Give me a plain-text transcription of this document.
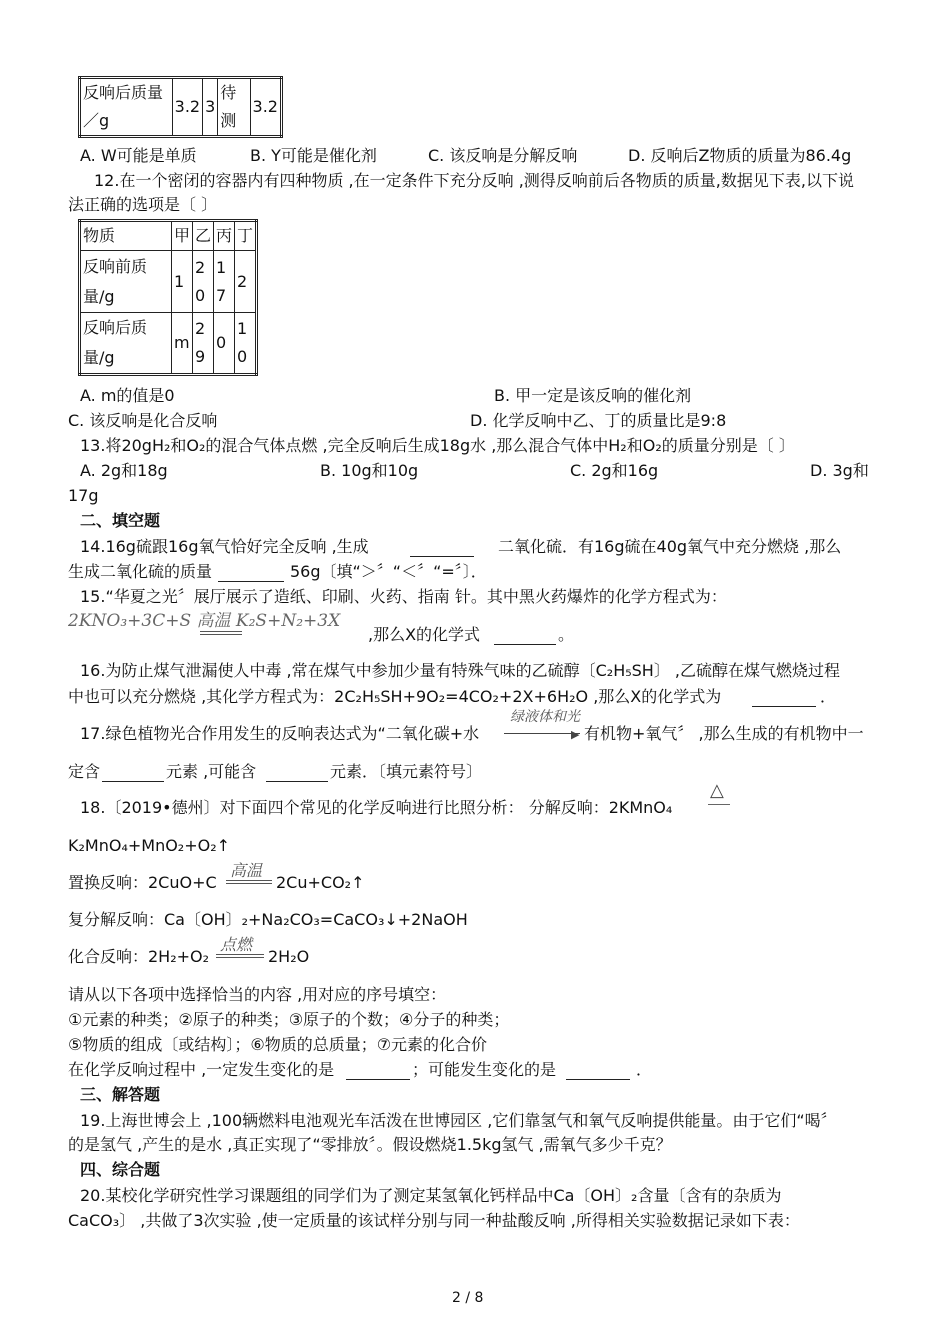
反响后质量／g	3.2	3	待测	3.2
A. W可能是单质	B. Y可能是催化剂	C. 该反响是分解反响	D. 反响后Z物质的质量为86.4g
12.在一个密闭的容器内有四种物质 ,在一定条件下充分反响 ,测得反响前后各物质的质量,数据见下表,以下说
法正确的选项是〔 〕
物质	甲	乙	丙	丁
反响前质量/g	1	20	17	2
反响后质量/g	m	29	0	10
A. m的值是0	B. 甲一定是该反响的催化剂
C. 该反响是化合反响	D. 化学反响中乙、丁的质量比是9:8
13.将20gH₂和O₂的混合气体点燃 ,完全反响后生成18g水 ,那么混合气体中H₂和O₂的质量分别是〔 〕
A. 2g和18g	B. 10g和10g	C. 2g和16g	D. 3g和
17g
二、填空题
14.16g硫跟16g氧气恰好完全反响 ,生成	二氧化硫．有16g硫在40g氧气中充分燃烧 ,那么
生成二氧化硫的质量	56g〔填“＞〞“＜〞“=〞〕．
15.“华夏之光〞展厅展示了造纸、印刷、火药、指南 针。其中黑火药爆炸的化学方程式为：
2KNO₃+3C+S 高温 K₂S+N₂+3X
,那么X的化学式	。
16.为防止煤气泄漏使人中毒 ,常在煤气中参加少量有特殊气味的乙硫醇〔C₂H₅SH〕 ,乙硫醇在煤气燃烧过程
中也可以充分燃烧 ,其化学方程式为：2C₂H₅SH+9O₂=4CO₂+2X+6H₂O ,那么X的化学式为	．
17.绿色植物光合作用发生的反响表达式为“二氧化碳+水
绿液体和光
▶ 有机物+氧气〞 ,那么生成的有机物中一
定含	元素 ,可能含	元素．〔填元素符号〕
18.〔2019•德州〕对下面四个常见的化学反响进行比照分析： 分解反响：2KMnO₄
△
K₂MnO₄+MnO₂+O₂↑
置换反响：2CuO+C
高温
2Cu+CO₂↑
复分解反响：Ca〔OH〕₂+Na₂CO₃=CaCO₃↓+2NaOH
化合反响：2H₂+O₂
点燃
2H₂O
请从以下各项中选择恰当的内容 ,用对应的序号填空：
①元素的种类；②原子的种类；③原子的个数；④分子的种类；
⑤物质的组成〔或结构〕；⑥物质的总质量；⑦元素的化合价
在化学反响过程中 ,一定发生变化的是	；可能发生变化的是	．
三、解答题
19.上海世博会上 ,100辆燃料电池观光车活泼在世博园区 ,它们靠氢气和氧气反响提供能量。由于它们“喝〞
的是氢气 ,产生的是水 ,真正实现了“零排放〞。假设燃烧1.5kg氢气 ,需氧气多少千克？
四、综合题
20.某校化学研究性学习课题组的同学们为了测定某氢氧化钙样品中Ca〔OH〕₂含量〔含有的杂质为
CaCO₃〕 ,共做了3次实验 ,使一定质量的该试样分别与同一种盐酸反响 ,所得相关实验数据记录如下表：
2 / 8
